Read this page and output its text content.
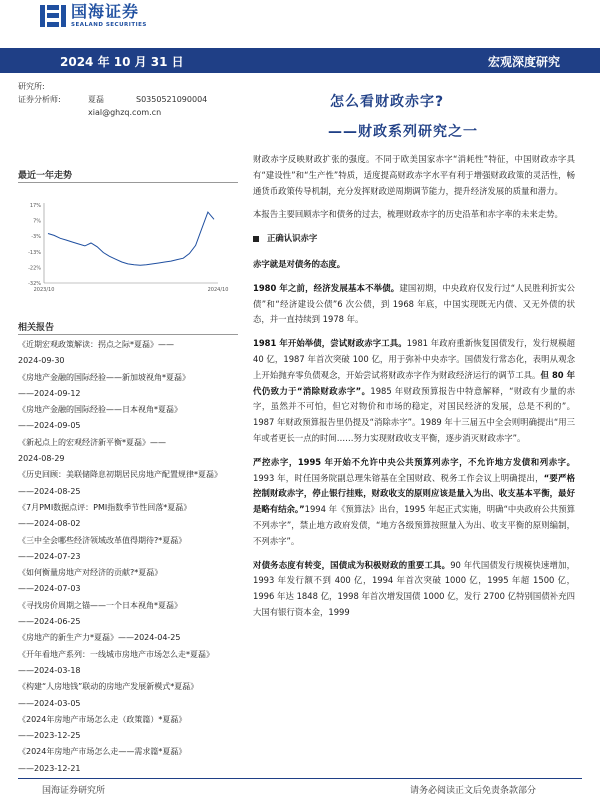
国海证券
SEALAND SECURITIES
2024 年 10 月 31 日	宏观深度研究
研究所:
证券分析师:	夏磊	S0350521090004
xial@ghzq.com.cn
怎么看财政赤字?
——财政系列研究之一
最近一年走势
17%
7%
-3%
-13%
-22%
-32%
2023/10	2024/10
相关报告
《近期宏观政策解读：拐点之际*夏磊》——
2024-09-30
《房地产金融的国际经验——新加坡视角*夏磊》
——2024-09-12
《房地产金融的国际经验——日本视角*夏磊》
——2024-09-05
《新起点上的宏观经济新平衡*夏磊》——
2024-08-29
《历史回顾：美联储降息初期居民房地产配置规律*夏磊》
——2024-08-25
《7月PMI数据点评：PMI指数季节性回落*夏磊》
——2024-08-02
《三中全会哪些经济领域改革值得期待?*夏磊》
——2024-07-23
《如何衡量房地产对经济的贡献?*夏磊》
——2024-07-03
《寻找房价周期之锚——一个日本视角*夏磊》
——2024-06-25
《房地产的新生产力*夏磊》——2024-04-25
《开年看地产系列：一线城市房地产市场怎么走*夏磊》
——2024-03-18
《构建“人房地钱”联动的房地产发展新模式*夏磊》
——2024-03-05
《2024年房地产市场怎么走（政策篇）*夏磊》
——2023-12-25
《2024年房地产市场怎么走——需求篇*夏磊》
——2023-12-21

财政赤字反映财政扩张的强度。不同于欧美国家赤字“消耗性”特征，中国财政赤字具有“建设性”和“生产性”特质，适度提高财政赤字水平有利于增强财政政策的灵活性，畅通货币政策传导机制，充分发挥财政逆周期调节能力，提升经济发展的质量和潜力。

本报告主要回顾赤字和债务的过去，梳理财政赤字的历史沿革和赤字率的未来走势。

正确认识赤字

赤字就是对债务的态度。

1980 年之前，经济发展基本不举债。建国初期，中央政府仅发行过“人民胜利折实公债”和“经济建设公债”6 次公债，到 1968 年底，中国实现既无内债、又无外债的状态，并一直持续到 1978 年。

1981 年开始举债，尝试财政赤字工具。1981 年政府重新恢复国债发行，发行规模超 40 亿，1987 年首次突破 100 亿，用于弥补中央赤字。国债发行常态化，表明从观念上开始抛弃零负债观念，开始尝试将财政赤字作为财政经济运行的调节工具。但 80 年代仍致力于“消除财政赤字”。1985 年财政预算报告中特意解释，“财政有少量的赤字，虽然并不可怕，但它对物价和市场的稳定，对国民经济的发展，总是不利的”。1987 年财政预算报告里仍提及“消除赤字”。1989 年十三届五中全会则明确提出“用三年或者更长一点的时间……努力实现财政收支平衡，逐步消灭财政赤字”。

严控赤字，1995 年开始不允许中央公共预算列赤字，不允许地方发债和列赤字。1993 年，时任国务院副总理朱镕基在全国财政、税务工作会议上明确提出，“要严格控制财政赤字，停止银行挂账，财政收支的原则应该是量入为出、收支基本平衡，最好是略有结余。”1994 年《预算法》出台，1995 年起正式实施，明确“中央政府公共预算不列赤字”，禁止地方政府发债，“地方各级预算按照量入为出、收支平衡的原则编制，不列赤字”。

对债务态度有转变，国债成为积极财政的重要工具。90 年代国债发行规模快速增加，1993 年发行额不到 400 亿，1994 年首次突破 1000 亿，1995 年超 1500 亿，1996 年达 1848 亿，1998 年首次增发国债 1000 亿，发行 2700 亿特别国债补充四大国有银行资本金，1999

国海证券研究所	请务必阅读正文后免责条款部分
